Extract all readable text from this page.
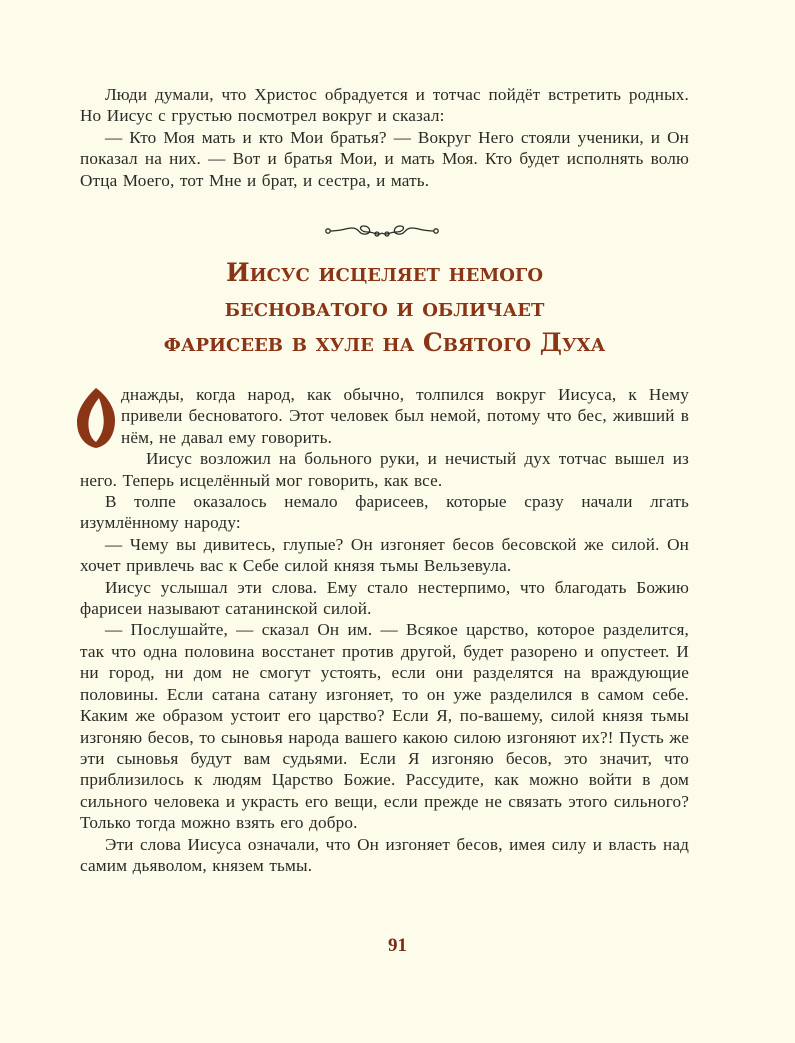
Люди думали, что Христос обрадуется и тотчас пойдёт встретить родных. Но Иисус с грустью посмотрел вокруг и сказал:

— Кто Моя мать и кто Мои братья? — Вокруг Него стояли ученики, и Он показал на них. — Вот и братья Мои, и мать Моя. Кто будет исполнять волю Отца Моего, тот Мне и брат, и сестра, и мать.

Иисус исцеляет немого
бесноватого и обличает
фарисеев в хуле на Святого Духа

днажды, когда народ, как обычно, толпился вокруг Иисуса, к Нему привели бесноватого. Этот человек был немой, потому что бес, живший в нём, не давал ему говорить.

Иисус возложил на больного руки, и нечистый дух тотчас вышел из него. Теперь исцелённый мог говорить, как все.

В толпе оказалось немало фарисеев, которые сразу начали лгать изумлённому народу:

— Чему вы дивитесь, глупые? Он изгоняет бесов бесовской же силой. Он хочет привлечь вас к Себе силой князя тьмы Вельзевула.

Иисус услышал эти слова. Ему стало нестерпимо, что благодать Божию фарисеи называют сатанинской силой.

— Послушайте, — сказал Он им. — Всякое царство, которое разделится, так что одна половина восстанет против другой, будет разорено и опустеет. И ни город, ни дом не смогут устоять, если они разделятся на враждующие половины. Если сатана сатану изгоняет, то он уже разделился в самом себе. Каким же образом устоит его царство? Если Я, по-вашему, силой князя тьмы изгоняю бесов, то сыновья народа вашего какою силою изгоняют их?! Пусть же эти сыновья будут вам судьями. Если Я изгоняю бесов, это значит, что приблизилось к людям Царство Божие. Рассудите, как можно войти в дом сильного человека и украсть его вещи, если прежде не связать этого сильного? Только тогда можно взять его добро.

Эти слова Иисуса означали, что Он изгоняет бесов, имея силу и власть над самим дьяволом, князем тьмы.

91
